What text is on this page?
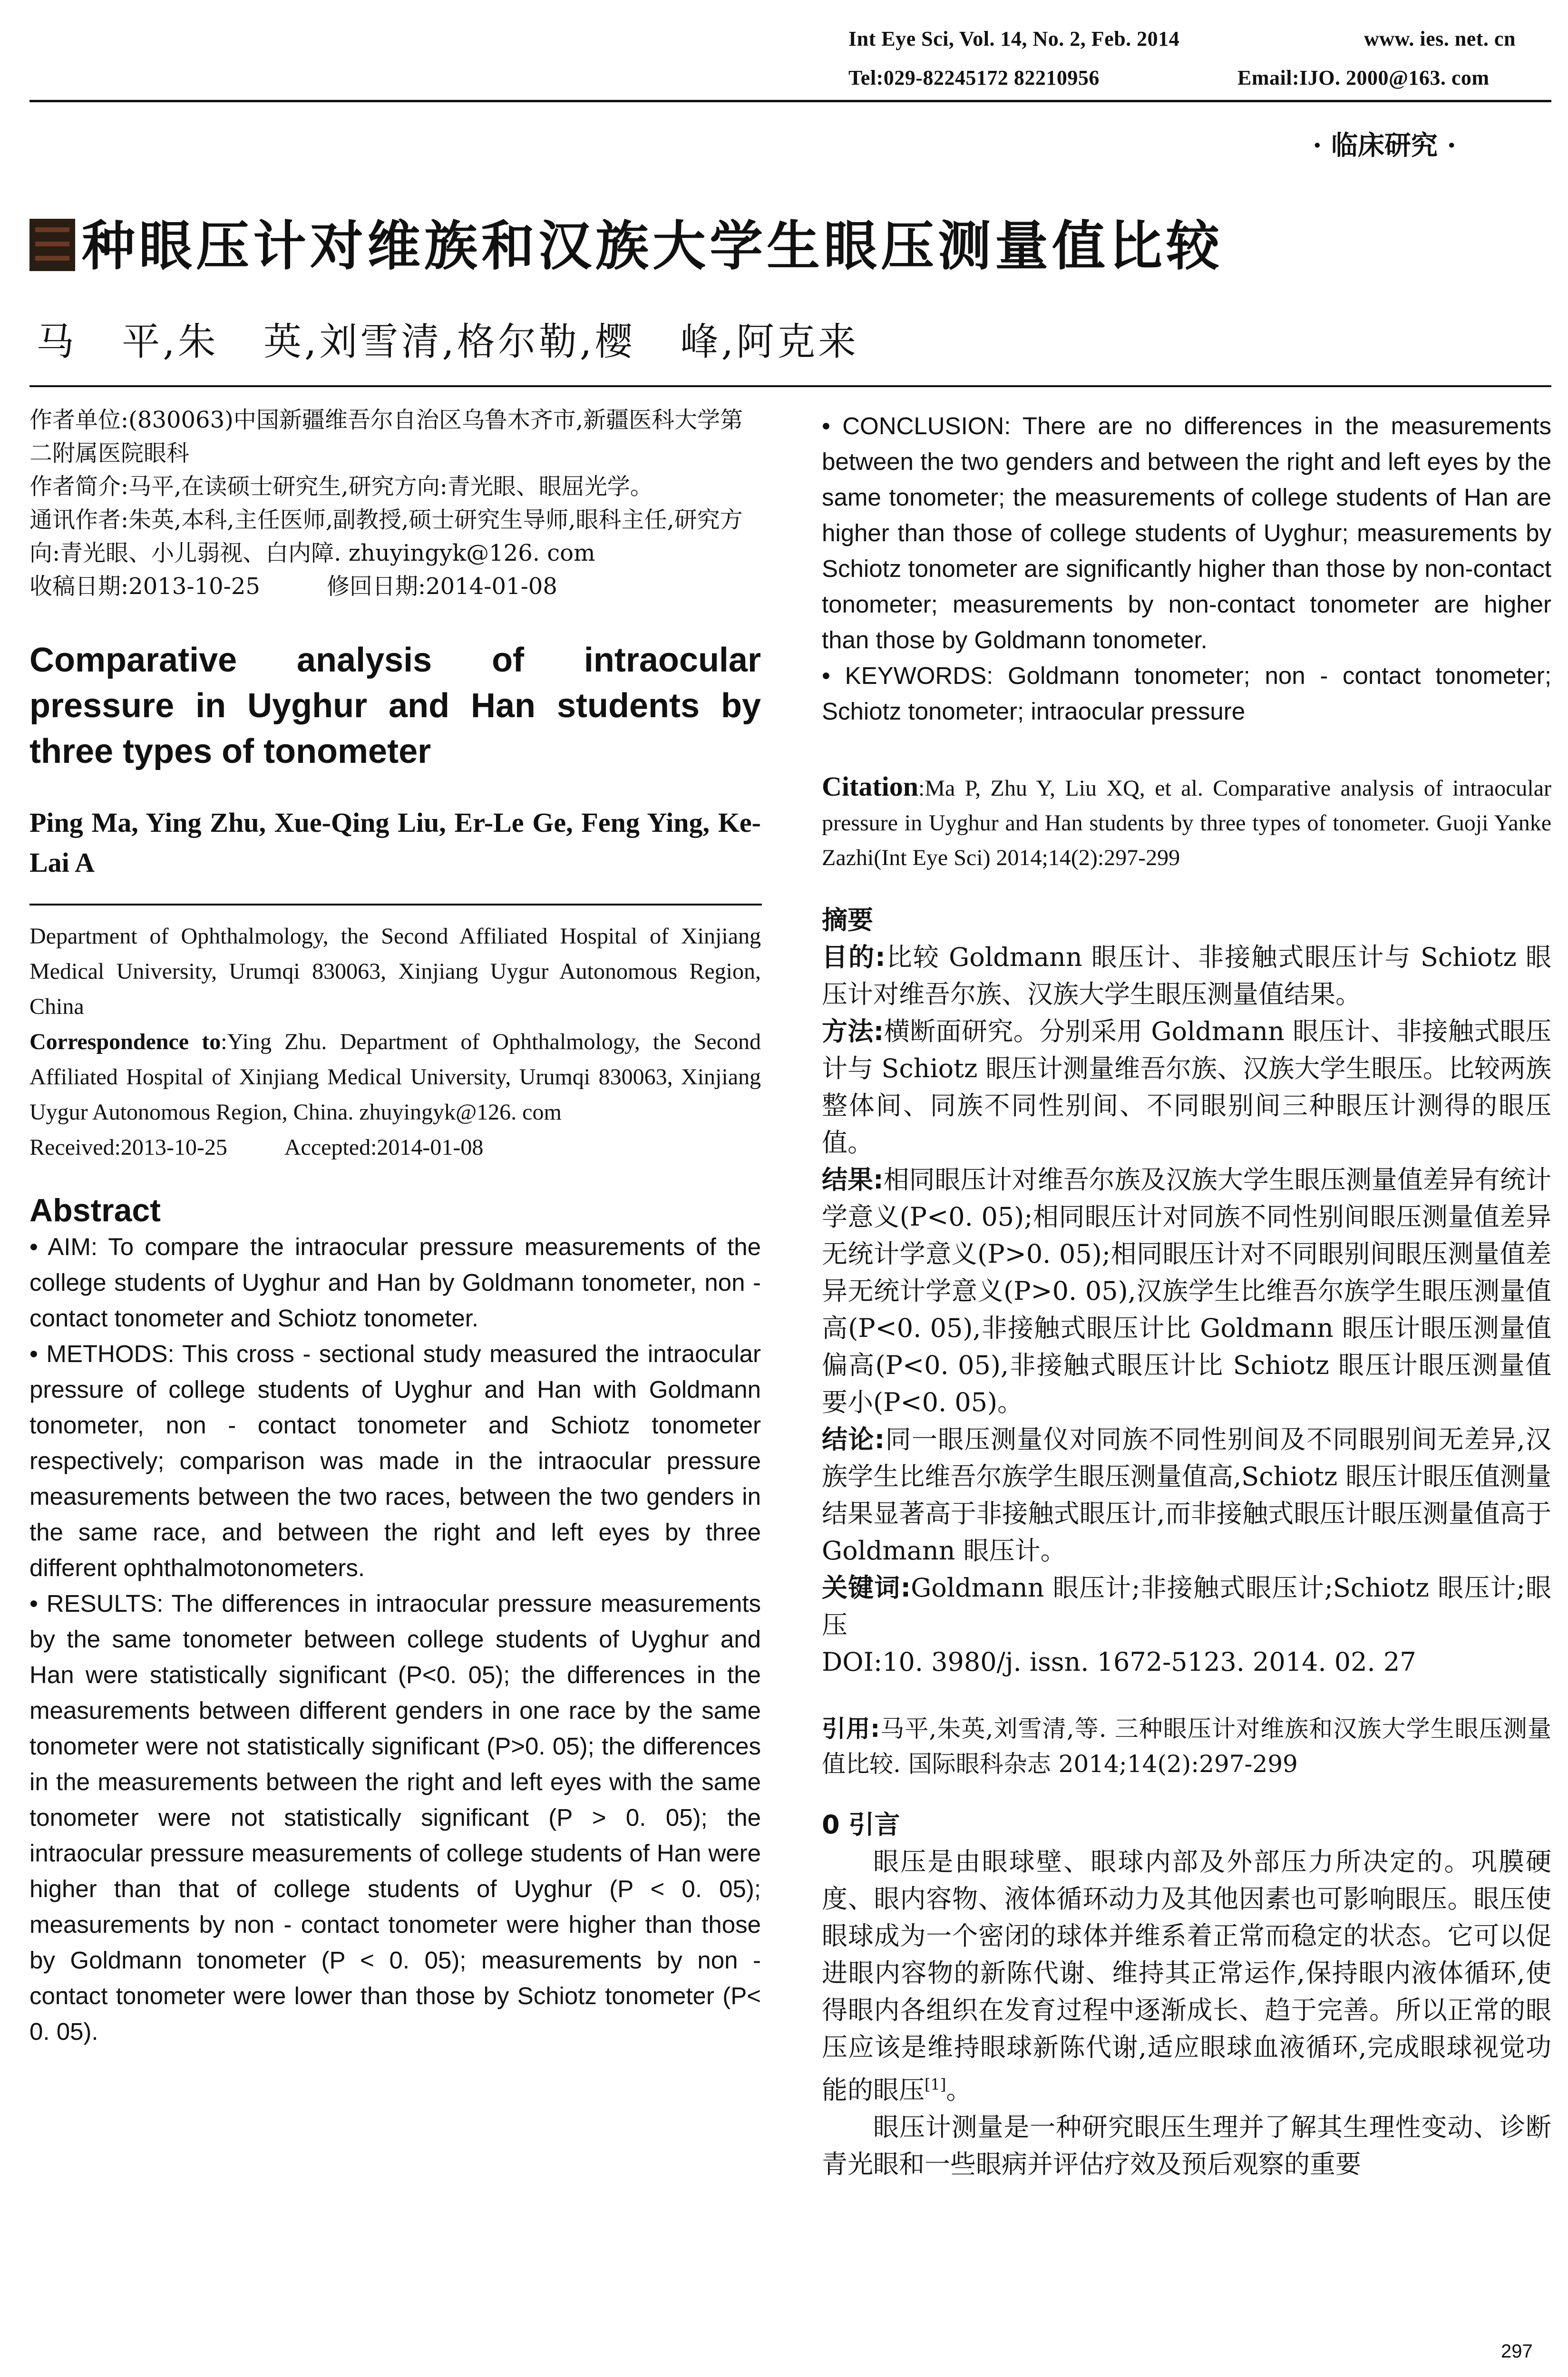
Int Eye Sci, Vol. 14, No. 2, Feb. 2014	www. ies. net. cn
Tel:029-82245172 82210956	Email:IJO. 2000@163. com
· 临床研究 ·
种眼压计对维族和汉族大学生眼压测量值比较
马   平,朱   英,刘雪清,格尔勒,樱   峰,阿克来

作者单位:(830063)中国新疆维吾尔自治区乌鲁木齐市,新疆医科大学第二附属医院眼科

作者简介:马平,在读硕士研究生,研究方向:青光眼、眼屈光学。

通讯作者:朱英,本科,主任医师,副教授,硕士研究生导师,眼科主任,研究方向:青光眼、小儿弱视、白内障. zhuyingyk@126. com

收稿日期:2013-10-25	修回日期:2014-01-08

Comparative analysis of intraocular pressure in Uyghur and Han students by three types of tonometer
Ping Ma, Ying Zhu, Xue-Qing Liu, Er-Le Ge, Feng Ying, Ke-Lai A

Department of Ophthalmology, the Second Affiliated Hospital of Xinjiang Medical University, Urumqi 830063, Xinjiang Uygur Autonomous Region, China

Correspondence to:Ying Zhu. Department of Ophthalmology, the Second Affiliated Hospital of Xinjiang Medical University, Urumqi 830063, Xinjiang Uygur Autonomous Region, China. zhuyingyk@126. com

Received:2013-10-25	Accepted:2014-01-08

Abstract

• AIM: To compare the intraocular pressure measurements of the college students of Uyghur and Han by Goldmann tonometer, non - contact tonometer and Schiotz tonometer.

• METHODS: This cross - sectional study measured the intraocular pressure of college students of Uyghur and Han with Goldmann tonometer, non - contact tonometer and Schiotz tonometer respectively; comparison was made in the intraocular pressure measurements between the two races, between the two genders in the same race, and between the right and left eyes by three different ophthalmotonometers.

• RESULTS: The differences in intraocular pressure measurements by the same tonometer between college students of Uyghur and Han were statistically significant (P<0. 05); the differences in the measurements between different genders in one race by the same tonometer were not statistically significant (P>0. 05); the differences in the measurements between the right and left eyes with the same tonometer were not statistically significant (P > 0. 05); the intraocular pressure measurements of college students of Han were higher than that of college students of Uyghur (P < 0. 05); measurements by non - contact tonometer were higher than those by Goldmann tonometer (P < 0. 05); measurements by non - contact tonometer were lower than those by Schiotz tonometer (P< 0. 05).

• CONCLUSION: There are no differences in the measurements between the two genders and between the right and left eyes by the same tonometer; the measurements of college students of Han are higher than those of college students of Uyghur; measurements by Schiotz tonometer are significantly higher than those by non-contact tonometer; measurements by non-contact tonometer are higher than those by Goldmann tonometer.

• KEYWORDS: Goldmann tonometer; non - contact tonometer; Schiotz tonometer; intraocular pressure

Citation:Ma P, Zhu Y, Liu XQ, et al. Comparative analysis of intraocular pressure in Uyghur and Han students by three types of tonometer. Guoji Yanke Zazhi(Int Eye Sci) 2014;14(2):297-299

摘要

目的:比较 Goldmann 眼压计、非接触式眼压计与 Schiotz 眼压计对维吾尔族、汉族大学生眼压测量值结果。

方法:横断面研究。分别采用 Goldmann 眼压计、非接触式眼压计与 Schiotz 眼压计测量维吾尔族、汉族大学生眼压。比较两族整体间、同族不同性别间、不同眼别间三种眼压计测得的眼压值。

结果:相同眼压计对维吾尔族及汉族大学生眼压测量值差异有统计学意义(P<0. 05);相同眼压计对同族不同性别间眼压测量值差异无统计学意义(P>0. 05);相同眼压计对不同眼别间眼压测量值差异无统计学意义(P>0. 05),汉族学生比维吾尔族学生眼压测量值高(P<0. 05),非接触式眼压计比 Goldmann 眼压计眼压测量值偏高(P<0. 05),非接触式眼压计比 Schiotz 眼压计眼压测量值要小(P<0. 05)。

结论:同一眼压测量仪对同族不同性别间及不同眼别间无差异,汉族学生比维吾尔族学生眼压测量值高,Schiotz 眼压计眼压值测量结果显著高于非接触式眼压计,而非接触式眼压计眼压测量值高于 Goldmann 眼压计。

关键词:Goldmann 眼压计;非接触式眼压计;Schiotz 眼压计;眼压

DOI:10. 3980/j. issn. 1672-5123. 2014. 02. 27

引用:马平,朱英,刘雪清,等. 三种眼压计对维族和汉族大学生眼压测量值比较. 国际眼科杂志 2014;14(2):297-299

0 引言

眼压是由眼球壁、眼球内部及外部压力所决定的。巩膜硬度、眼内容物、液体循环动力及其他因素也可影响眼压。眼压使眼球成为一个密闭的球体并维系着正常而稳定的状态。它可以促进眼内容物的新陈代谢、维持其正常运作,保持眼内液体循环,使得眼内各组织在发育过程中逐渐成长、趋于完善。所以正常的眼压应该是维持眼球新陈代谢,适应眼球血液循环,完成眼球视觉功能的眼压[1]。

眼压计测量是一种研究眼压生理并了解其生理性变动、诊断青光眼和一些眼病并评估疗效及预后观察的重要

297
